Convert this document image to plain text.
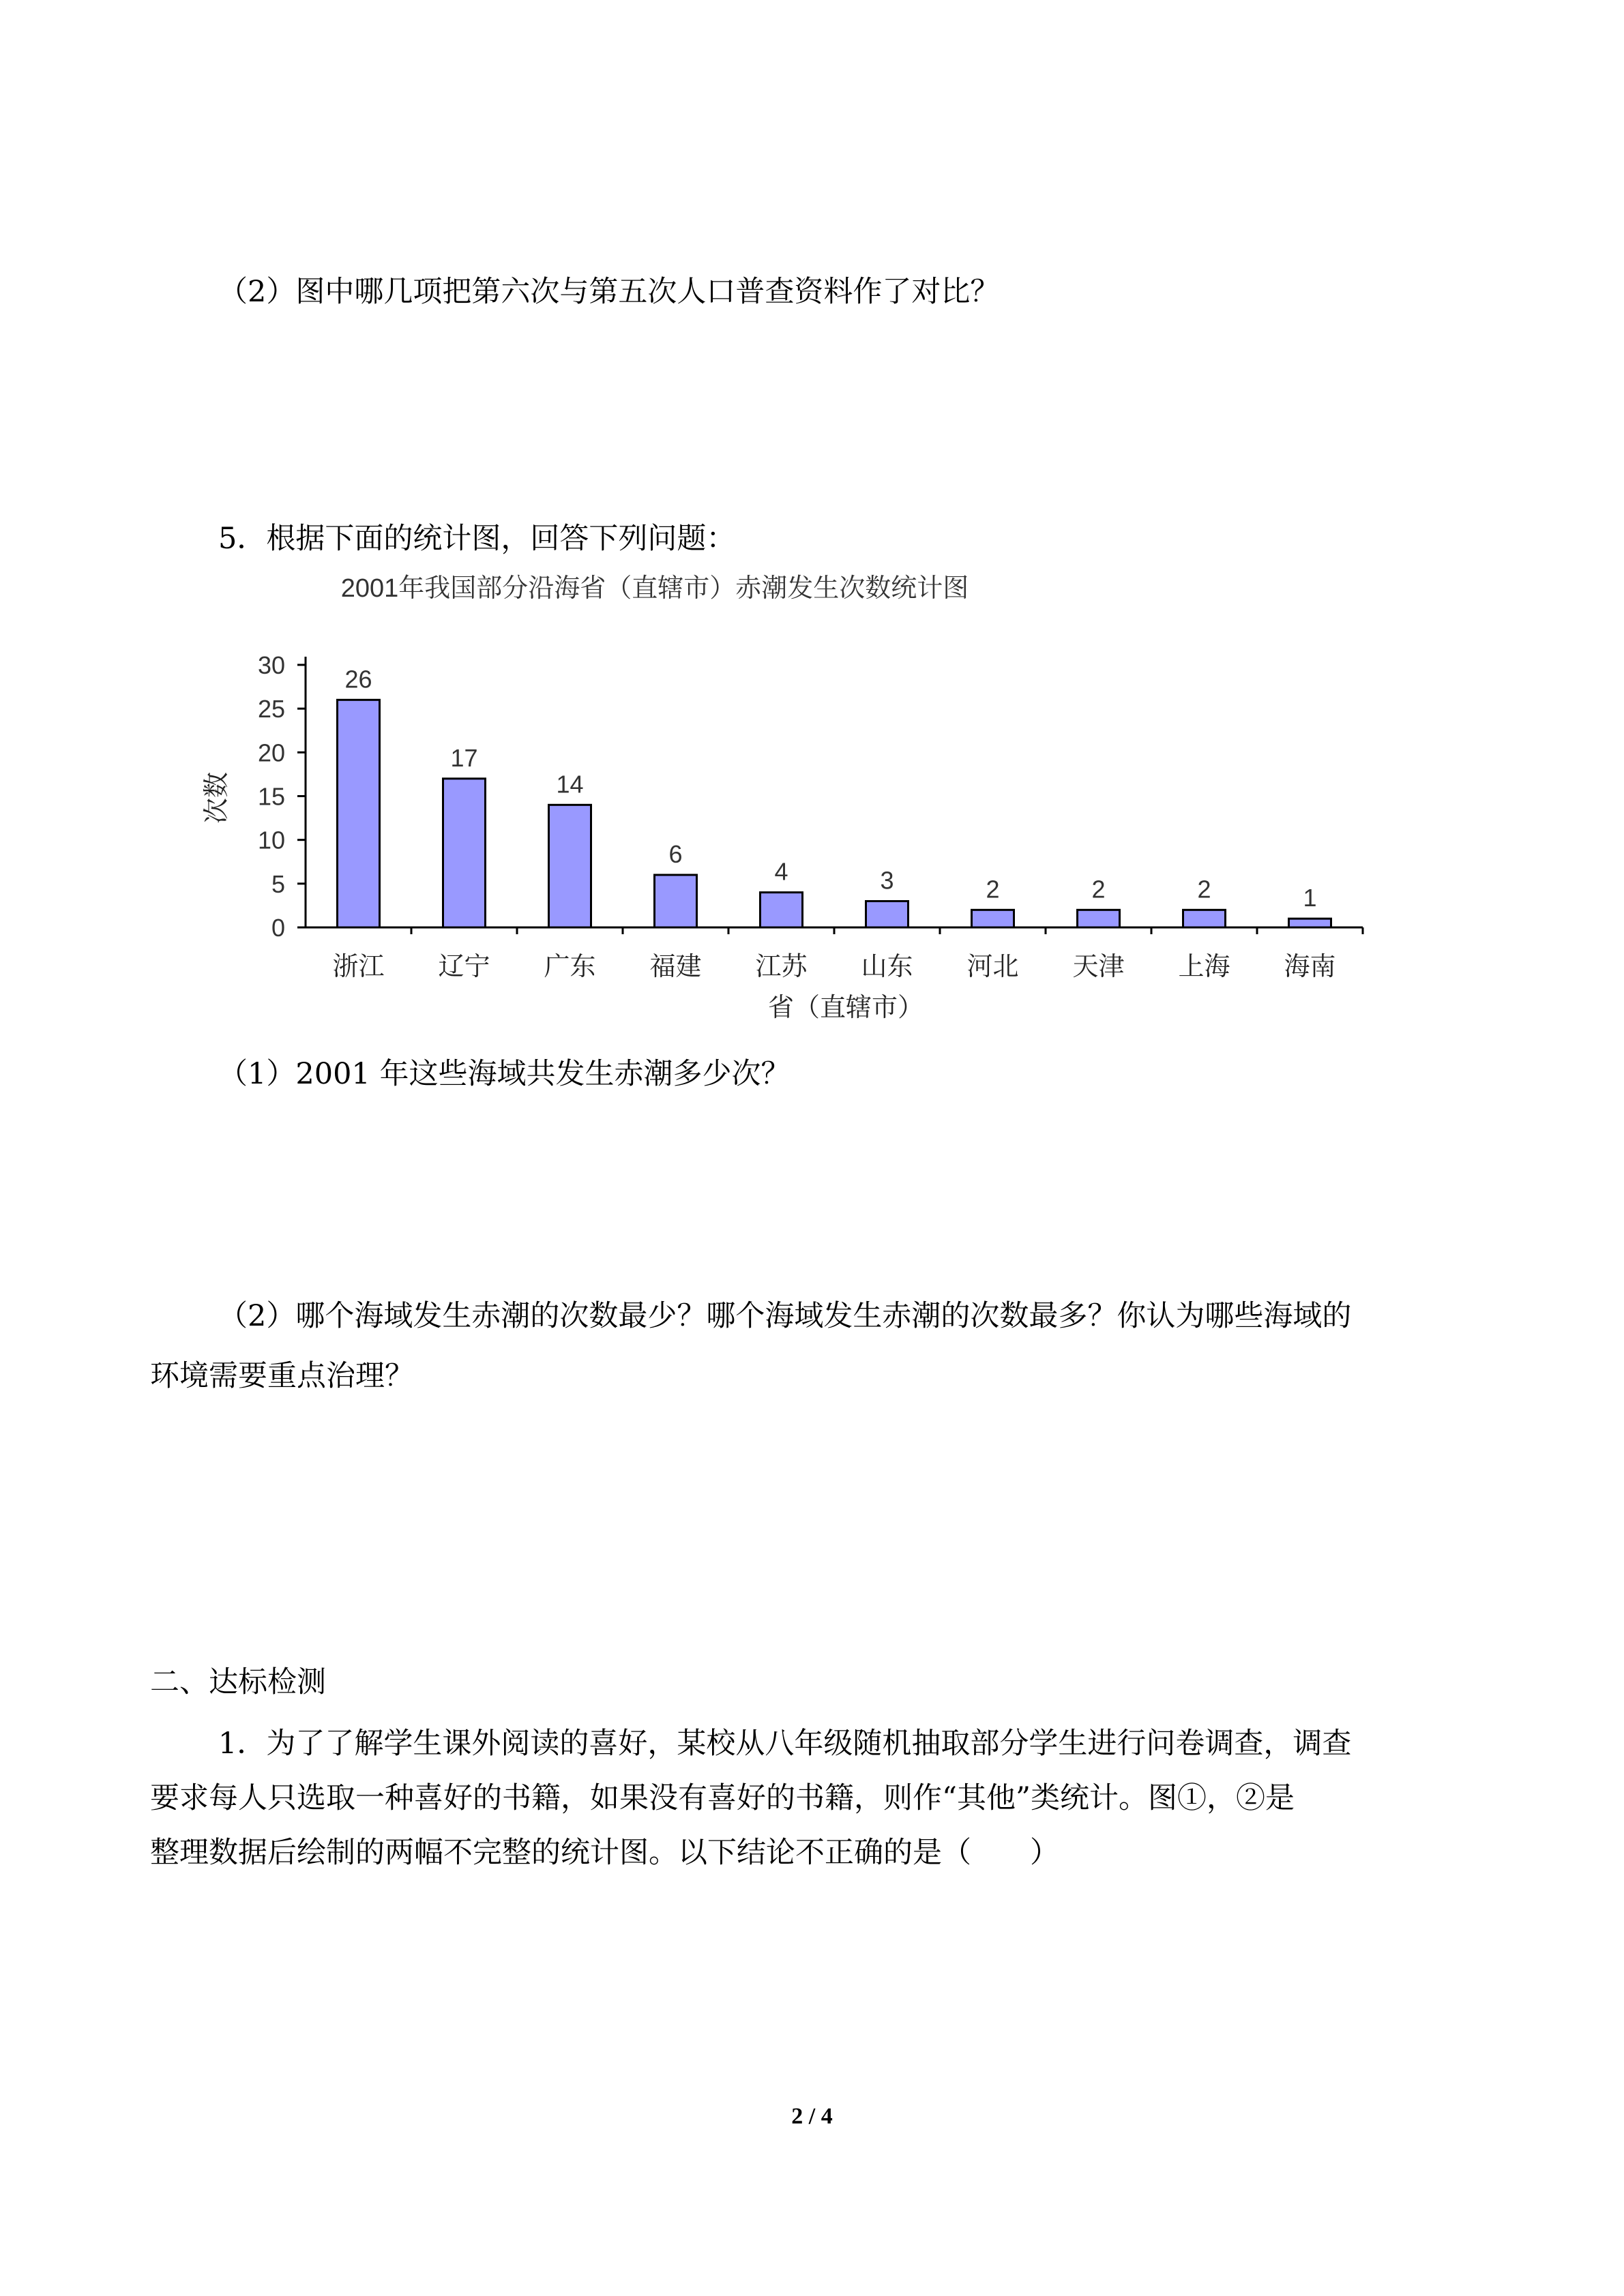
（2）图中哪几项把第六次与第五次人口普查资料作了对比？
5．根据下面的统计图，回答下列问题：
2001年我国部分沿海省（直辖市）赤潮发生次数统计图
0
5
10
15
20
25
30 26
浙江
17
辽宁
14
广东
6
福建
4
江苏
3
山东
2
河北
2
天津
2
上海
1
海南
次数
省（直辖市）
（1）2001 年这些海域共发生赤潮多少次？
（2）哪个海域发生赤潮的次数最少？哪个海域发生赤潮的次数最多？你认为哪些海域的
环境需要重点治理？
二、达标检测
1．为了了解学生课外阅读的喜好，某校从八年级随机抽取部分学生进行问卷调查，调查
要求每人只选取一种喜好的书籍，如果没有喜好的书籍，则作“其他”类统计。图①，②是
整理数据后绘制的两幅不完整的统计图。以下结论不正确的是（　　）
2 / 4
